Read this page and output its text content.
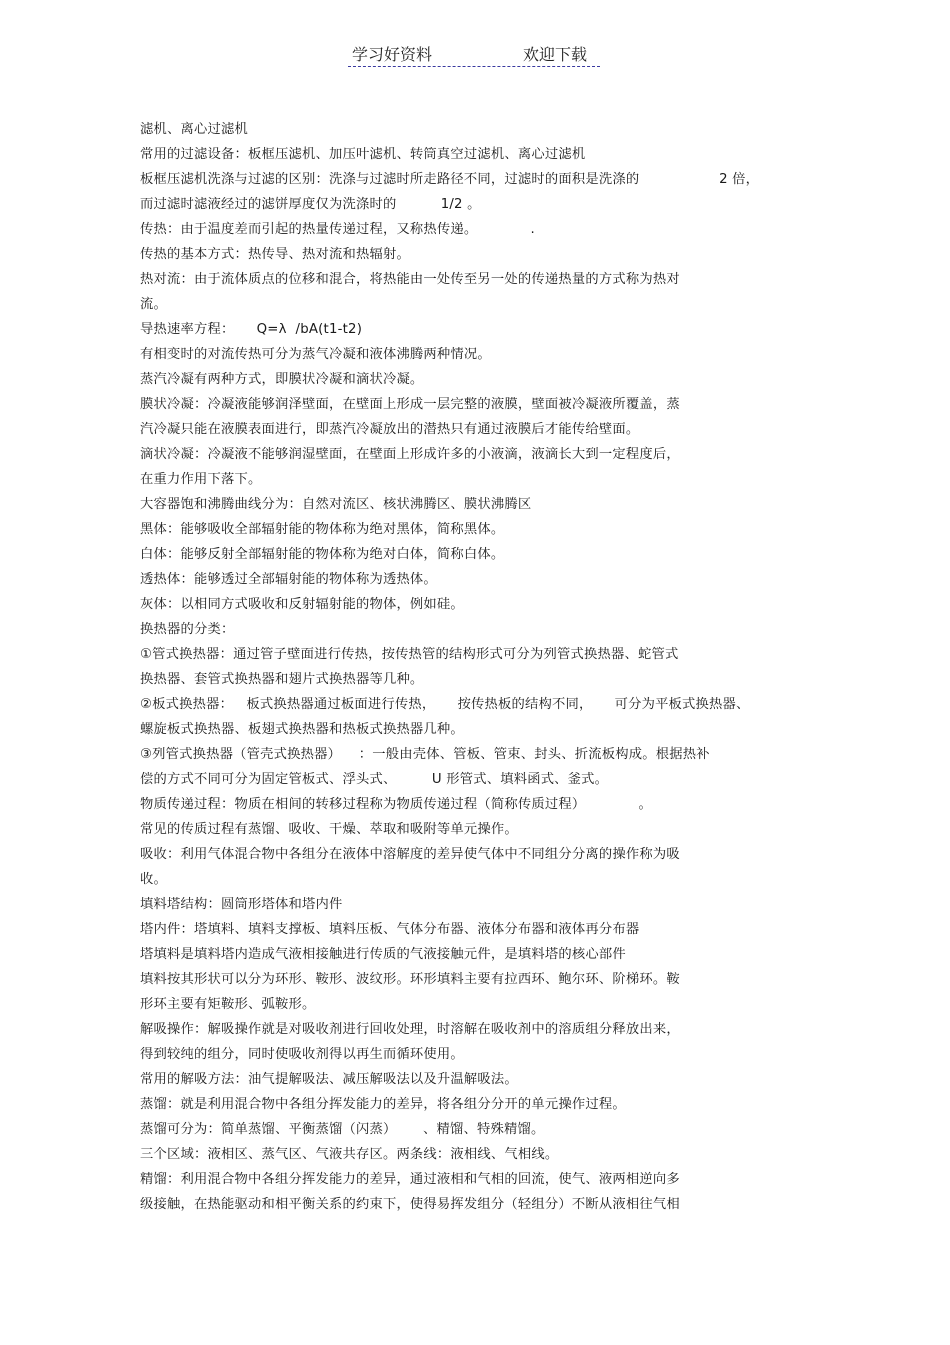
学习好资料	欢迎下载
滤机、离心过滤机
常用的过滤设备：板框压滤机、加压叶滤机、转筒真空过滤机、离心过滤机
板框压滤机洗涤与过滤的区别：洗涤与过滤时所走路径不同，过滤时的面积是洗涤的                  2 倍，
而过滤时滤液经过的滤饼厚度仅为洗涤时的          1/2 。
传热：由于温度差而引起的热量传递过程，又称热传递。            .
传热的基本方式：热传导、热对流和热辐射。
热对流：由于流体质点的位移和混合，将热能由一处传至另一处的传递热量的方式称为热对
流。
导热速率方程：     Q=λ  /bA(t1-t2)
有相变时的对流传热可分为蒸气冷凝和液体沸腾两种情况。
蒸汽冷凝有两种方式，即膜状冷凝和滴状冷凝。
膜状冷凝：冷凝液能够润泽壁面，在壁面上形成一层完整的液膜，壁面被冷凝液所覆盖，蒸
汽冷凝只能在液膜表面进行，即蒸汽冷凝放出的潜热只有通过液膜后才能传给壁面。
滴状冷凝：冷凝液不能够润湿壁面，在壁面上形成许多的小液滴，液滴长大到一定程度后，
在重力作用下落下。
大容器饱和沸腾曲线分为：自然对流区、核状沸腾区、膜状沸腾区
黑体：能够吸收全部辐射能的物体称为绝对黑体，简称黑体。
白体：能够反射全部辐射能的物体称为绝对白体，简称白体。
透热体：能够透过全部辐射能的物体称为透热体。
灰体：以相同方式吸收和反射辐射能的物体，例如硅。
换热器的分类：
①管式换热器：通过管子壁面进行传热，按传热管的结构形式可分为列管式换热器、蛇管式
换热器、套管式换热器和翅片式换热器等几种。
②板式换热器：   板式换热器通过板面进行传热，     按传热板的结构不同，     可分为平板式换热器、
螺旋板式换热器、板翅式换热器和热板式换热器几种。
③列管式换热器（管壳式换热器）    ：一般由壳体、管板、管束、封头、折流板构成。根据热补
偿的方式不同可分为固定管板式、浮头式、        U 形管式、填料函式、釜式。
物质传递过程：物质在相间的转移过程称为物质传递过程（简称传质过程）            。
常见的传质过程有蒸馏、吸收、干燥、萃取和吸附等单元操作。
吸收：利用气体混合物中各组分在液体中溶解度的差异使气体中不同组分分离的操作称为吸
收。
填料塔结构：圆筒形塔体和塔内件
塔内件：塔填料、填料支撑板、填料压板、气体分布器、液体分布器和液体再分布器
塔填料是填料塔内造成气液相接触进行传质的气液接触元件，是填料塔的核心部件
填料按其形状可以分为环形、鞍形、波纹形。环形填料主要有拉西环、鲍尔环、阶梯环。鞍
形环主要有矩鞍形、弧鞍形。
解吸操作：解吸操作就是对吸收剂进行回收处理，时溶解在吸收剂中的溶质组分释放出来，
得到较纯的组分，同时使吸收剂得以再生而循环使用。
常用的解吸方法：油气提解吸法、减压解吸法以及升温解吸法。
蒸馏：就是利用混合物中各组分挥发能力的差异，将各组分分开的单元操作过程。
蒸馏可分为：简单蒸馏、平衡蒸馏（闪蒸）      、精馏、特殊精馏。
三个区域：液相区、蒸气区、气液共存区。两条线：液相线、气相线。
精馏：利用混合物中各组分挥发能力的差异，通过液相和气相的回流，使气、液两相逆向多
级接触，在热能驱动和相平衡关系的约束下，使得易挥发组分（轻组分）不断从液相往气相
